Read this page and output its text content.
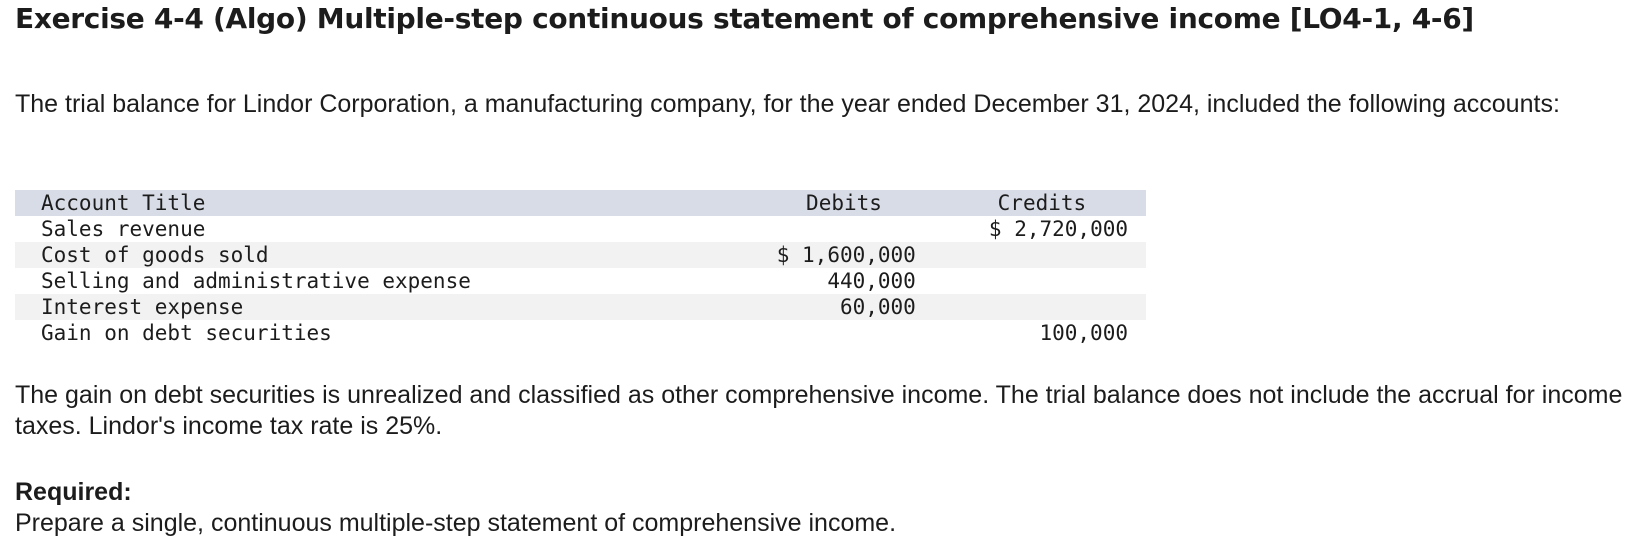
Exercise 4-4 (Algo) Multiple-step continuous statement of comprehensive income [LO4-1, 4-6]

The trial balance for Lindor Corporation, a manufacturing company, for the year ended December 31, 2024, included the following accounts:

Account Title	Debits	Credits
Sales revenue		$ 2,720,000
Cost of goods sold	$ 1,600,000	
Selling and administrative expense	440,000	
Interest expense	60,000	
Gain on debt securities		100,000

The gain on debt securities is unrealized and classified as other comprehensive income. The trial balance does not include the accrual for income taxes. Lindor's income tax rate is 25%.

Required:

Prepare a single, continuous multiple-step statement of comprehensive income.
